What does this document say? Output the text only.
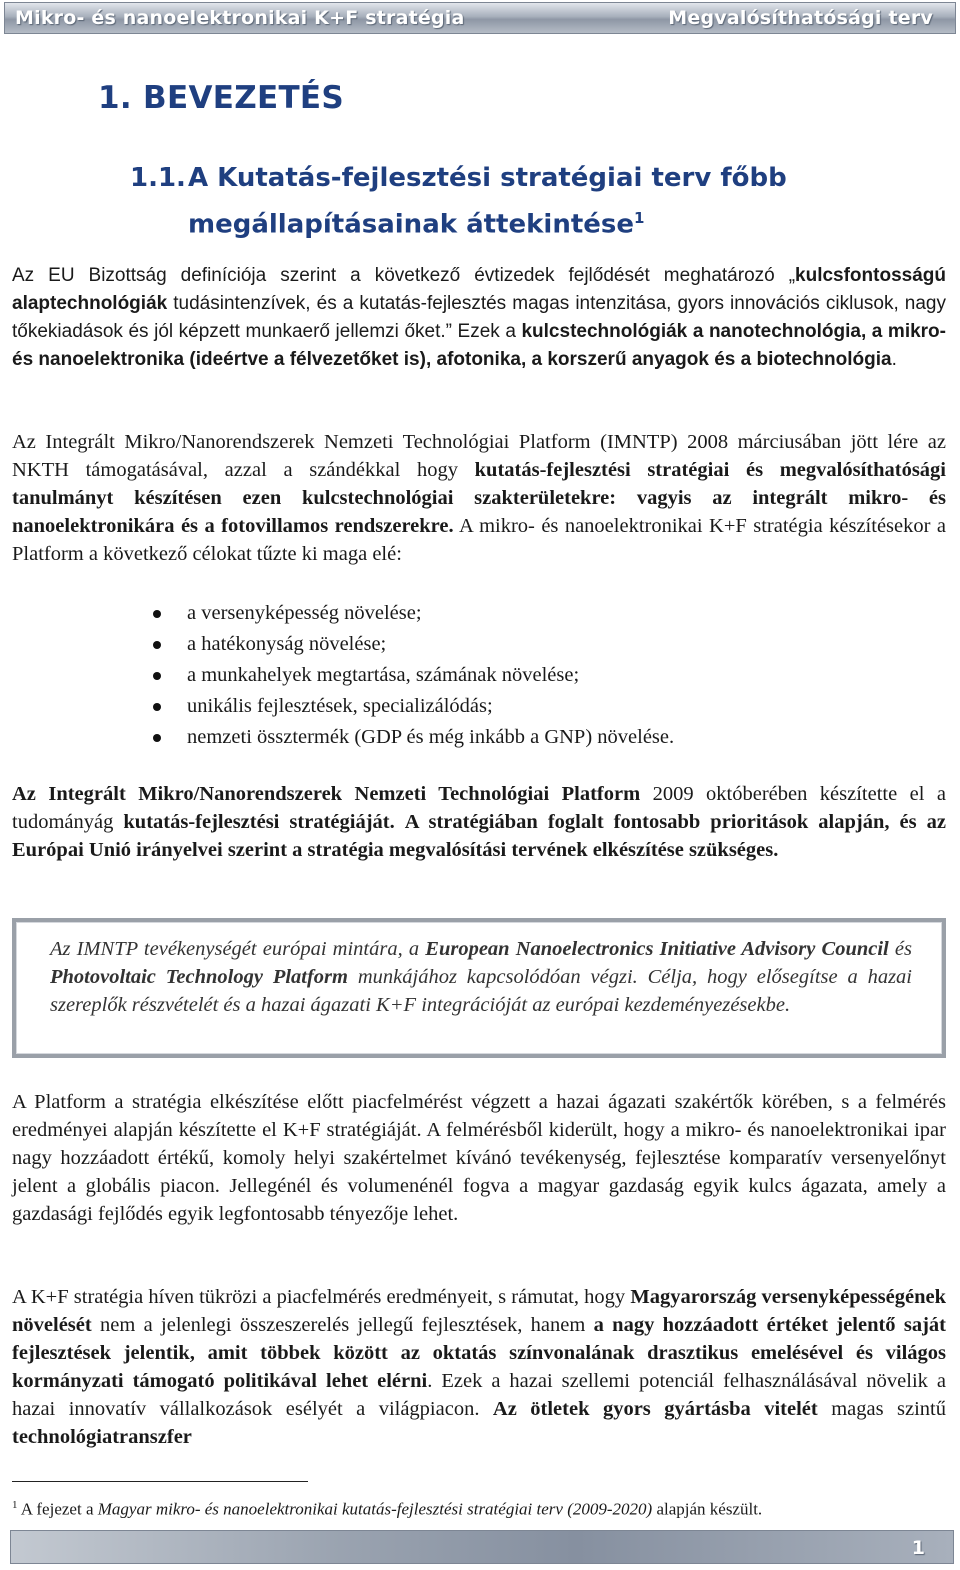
Mikro- és nanoelektronikai K+F stratégia	Megvalósíthatósági terv
1. BEVEZETÉS
1.1.A Kutatás-fejlesztési stratégiai terv főbb
megállapításainak áttekintése$^1$

Az EU Bizottság definíciója szerint a következő évtizedek fejlődését meghatározó „kulcsfontosságú alaptechnológiák tudásintenzívek, és a kutatás-fejlesztés magas intenzitása, gyors innovációs ciklusok, nagy tőkekiadások és jól képzett munkaerő jellemzi őket.” Ezek a kulcstechnológiák a nanotechnológia, a mikro- és nanoelektronika (ideértve a félvezetőket is), afotonika, a korszerű anyagok és a biotechnológia.

Az Integrált Mikro/Nanorendszerek Nemzeti Technológiai Platform (IMNTP) 2008 márciusában jött lére az NKTH támogatásával, azzal a szándékkal hogy kutatás-fejlesztési stratégiai és megvalósíthatósági tanulmányt készítésen ezen kulcstechnológiai szakterületekre: vagyis az integrált mikro- és nanoelektronikára és a fotovillamos rendszerekre. A mikro- és nanoelektronikai K+F stratégia készítésekor a Platform a következő célokat tűzte ki maga elé:

a versenyképesség növelése;
a hatékonyság növelése;
a munkahelyek megtartása, számának növelése;
unikális fejlesztések, specializálódás;
nemzeti össztermék (GDP és még inkább a GNP) növelése.

Az Integrált Mikro/Nanorendszerek Nemzeti Technológiai Platform 2009 októberében készítette el a tudományág kutatás-fejlesztési stratégiáját. A stratégiában foglalt fontosabb prioritások alapján, és az Európai Unió irányelvei szerint a stratégia megvalósítási tervének elkészítése szükséges.

Az IMNTP tevékenységét európai mintára, a European Nanoelectronics Initiative Advisory Council és Photovoltaic Technology Platform munkájához kapcsolódóan végzi. Célja, hogy elősegítse a hazai szereplők részvételét és a hazai ágazati K+F integrációját az európai kezdeményezésekbe.

A Platform a stratégia elkészítése előtt piacfelmérést végzett a hazai ágazati szakértők körében, s a felmérés eredményei alapján készítette el K+F stratégiáját. A felmérésből kiderült, hogy a mikro- és nanoelektronikai ipar nagy hozzáadott értékű, komoly helyi szakértelmet kívánó tevékenység, fejlesztése komparatív versenyelőnyt jelent a globális piacon. Jellegénél és volumenénél fogva a magyar gazdaság egyik kulcs ágazata, amely a gazdasági fejlődés egyik legfontosabb tényezője lehet.

A K+F stratégia híven tükrözi a piacfelmérés eredményeit, s rámutat, hogy Magyarország versenyképességének növelését nem a jelenlegi összeszerelés jellegű fejlesztések, hanem a nagy hozzáadott értéket jelentő saját fejlesztések jelentik, amit többek között az oktatás színvonalának drasztikus emelésével és világos kormányzati támogató politikával lehet elérni. Ezek a hazai szellemi potenciál felhasználásával növelik a hazai innovatív vállalkozások esélyét a világpiacon. Az ötletek gyors gyártásba vitelét magas szintű technológiatranszfer

$^1$ A fejezet a Magyar mikro- és nanoelektronikai kutatás-fejlesztési stratégiai terv (2009-2020) alapján készült.
1
